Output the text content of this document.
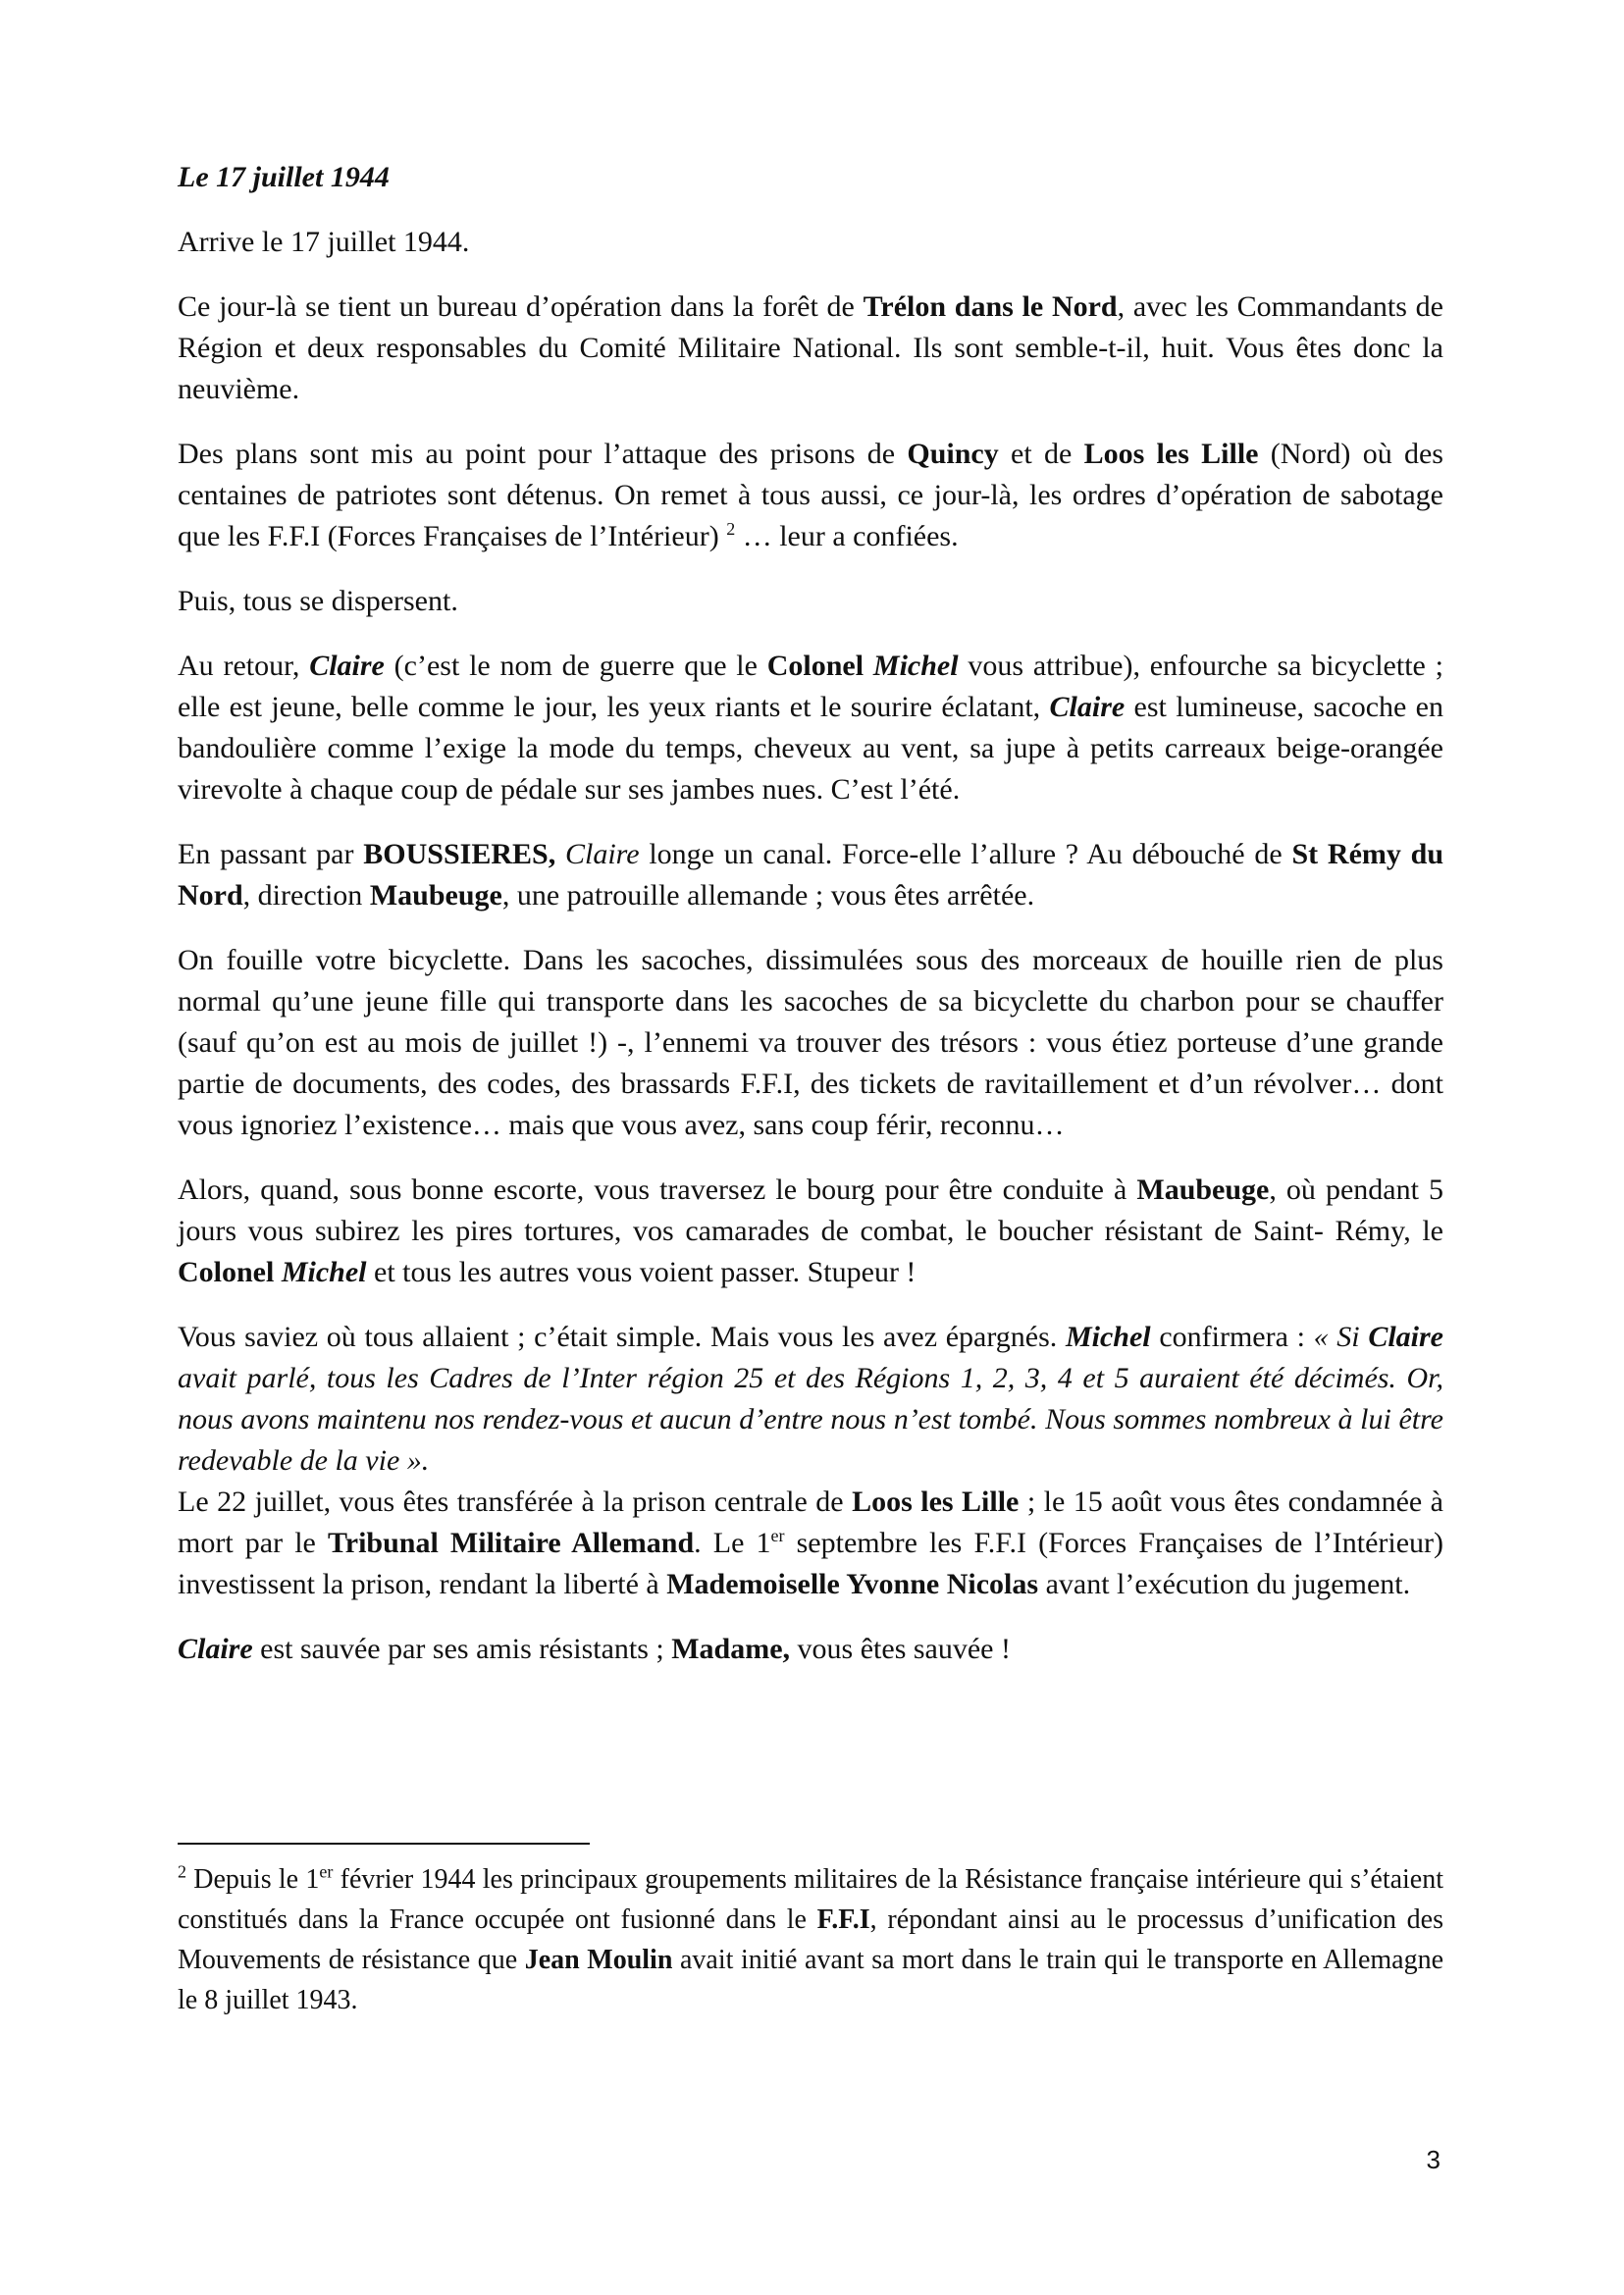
Le 17 juillet 1944

Arrive le 17 juillet 1944.

Ce jour-là se tient un bureau d’opération dans la forêt de Trélon dans le Nord, avec les Commandants de Région et deux responsables du Comité Militaire National. Ils sont semble-t-il, huit. Vous êtes donc la neuvième.

Des plans sont mis au point pour l’attaque des prisons de Quincy et de Loos les Lille (Nord) où des centaines de patriotes sont détenus. On remet à tous aussi, ce jour-là, les ordres d’opération de sabotage que les F.F.I (Forces Françaises de l’Intérieur) $^2$ … leur a confiées.

Puis, tous se dispersent.

Au retour, Claire (c’est le nom de guerre que le Colonel Michel vous attribue), enfourche sa bicyclette ; elle est jeune, belle comme le jour, les yeux riants et le sourire éclatant, Claire est lumineuse, sacoche en bandoulière comme l’exige la mode du temps, cheveux au vent, sa jupe à petits carreaux beige-orangée virevolte à chaque coup de pédale sur ses jambes nues. C’est l’été.

En passant par BOUSSIERES, Claire longe un canal. Force-elle l’allure ? Au débouché de St Rémy du Nord, direction Maubeuge, une patrouille allemande ; vous êtes arrêtée.

On fouille votre bicyclette. Dans les sacoches, dissimulées sous des morceaux de houille rien de plus normal qu’une jeune fille qui transporte dans les sacoches de sa bicyclette du charbon pour se chauffer (sauf qu’on est au mois de juillet !) -, l’ennemi va trouver des trésors : vous étiez porteuse d’une grande partie de documents, des codes, des brassards F.F.I, des tickets de ravitaillement et d’un révolver… dont vous ignoriez l’existence… mais que vous avez, sans coup férir, reconnu…

Alors, quand, sous bonne escorte, vous traversez le bourg pour être conduite à Maubeuge, où pendant 5 jours vous subirez les pires tortures, vos camarades de combat, le boucher résistant de Saint- Rémy, le Colonel Michel et tous les autres vous voient passer. Stupeur !

Vous saviez où tous allaient ; c’était simple. Mais vous les avez épargnés. Michel confirmera : « Si Claire avait parlé, tous les Cadres de l’Inter région 25 et des Régions 1, 2, 3, 4 et 5 auraient été décimés. Or, nous avons maintenu nos rendez-vous et aucun d’entre nous n’est tombé. Nous sommes nombreux à lui être redevable de la vie ».

Le 22 juillet, vous êtes transférée à la prison centrale de Loos les Lille ; le 15 août vous êtes condamnée à mort par le Tribunal Militaire Allemand. Le 1er septembre les F.F.I (Forces Françaises de l’Intérieur) investissent la prison, rendant la liberté à Mademoiselle Yvonne Nicolas avant l’exécution du jugement.

Claire est sauvée par ses amis résistants ; Madame, vous êtes sauvée !

$^2$ Depuis le 1er février 1944 les principaux groupements militaires de la Résistance française intérieure qui s’étaient constitués dans la France occupée ont fusionné dans le F.F.I, répondant ainsi au le processus d’unification des Mouvements de résistance que Jean Moulin avait initié avant sa mort dans le train qui le transporte en Allemagne le 8 juillet 1943.
3
